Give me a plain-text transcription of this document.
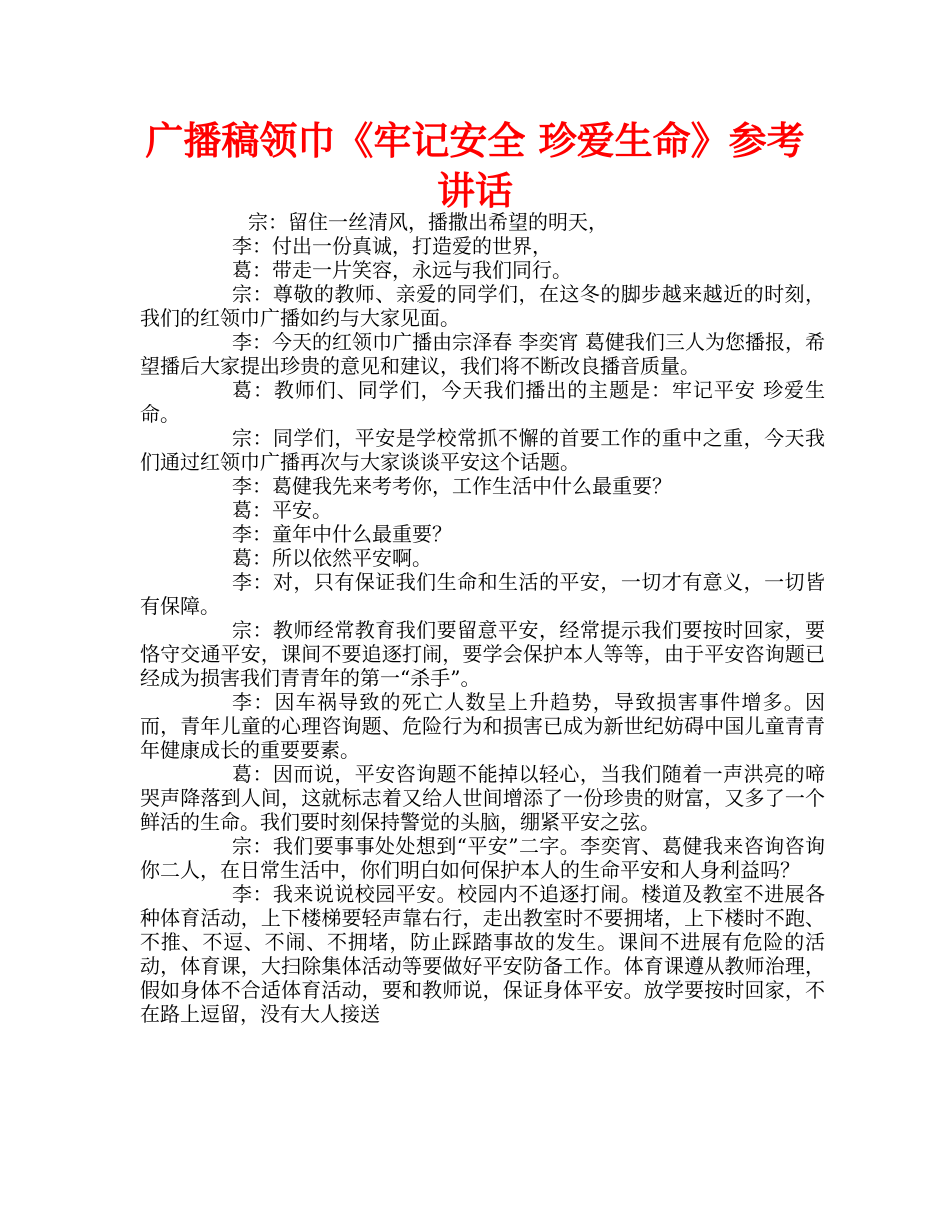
广播稿领巾《牢记安全 珍爱生命》参考讲话

宗：留住一丝清风，播撒出希望的明天，

李：付出一份真诚，打造爱的世界，

葛：带走一片笑容，永远与我们同行。

宗：尊敬的教师、亲爱的同学们，在这冬的脚步越来越近的时刻，我们的红领巾广播如约与大家见面。

李：今天的红领巾广播由宗泽春 李奕宵 葛健我们三人为您播报，希望播后大家提出珍贵的意见和建议，我们将不断改良播音质量。

葛：教师们、同学们，今天我们播出的主题是：牢记平安 珍爱生命。

宗：同学们，平安是学校常抓不懈的首要工作的重中之重，今天我们通过红领巾广播再次与大家谈谈平安这个话题。

李：葛健我先来考考你，工作生活中什么最重要？

葛：平安。

李：童年中什么最重要？

葛：所以依然平安啊。

李：对，只有保证我们生命和生活的平安，一切才有意义，一切皆有保障。

宗：教师经常教育我们要留意平安，经常提示我们要按时回家，要恪守交通平安，课间不要追逐打闹，要学会保护本人等等，由于平安咨询题已经成为损害我们青青年的第一“杀手”。

李：因车祸导致的死亡人数呈上升趋势，导致损害事件增多。因而，青年儿童的心理咨询题、危险行为和损害已成为新世纪妨碍中国儿童青青年健康成长的重要要素。

葛：因而说，平安咨询题不能掉以轻心，当我们随着一声洪亮的啼哭声降落到人间，这就标志着又给人世间增添了一份珍贵的财富，又多了一个鲜活的生命。我们要时刻保持警觉的头脑，绷紧平安之弦。

宗：我们要事事处处想到“平安”二字。李奕宵、葛健我来咨询咨询你二人，在日常生活中，你们明白如何保护本人的生命平安和人身利益吗？

李：我来说说校园平安。校园内不追逐打闹。楼道及教室不进展各种体育活动，上下楼梯要轻声靠右行，走出教室时不要拥堵，上下楼时不跑、不推、不逗、不闹、不拥堵，防止踩踏事故的发生。课间不进展有危险的活动，体育课，大扫除集体活动等要做好平安防备工作。体育课遵从教师治理，假如身体不合适体育活动，要和教师说，保证身体平安。放学要按时回家，不在路上逗留，没有大人接送
